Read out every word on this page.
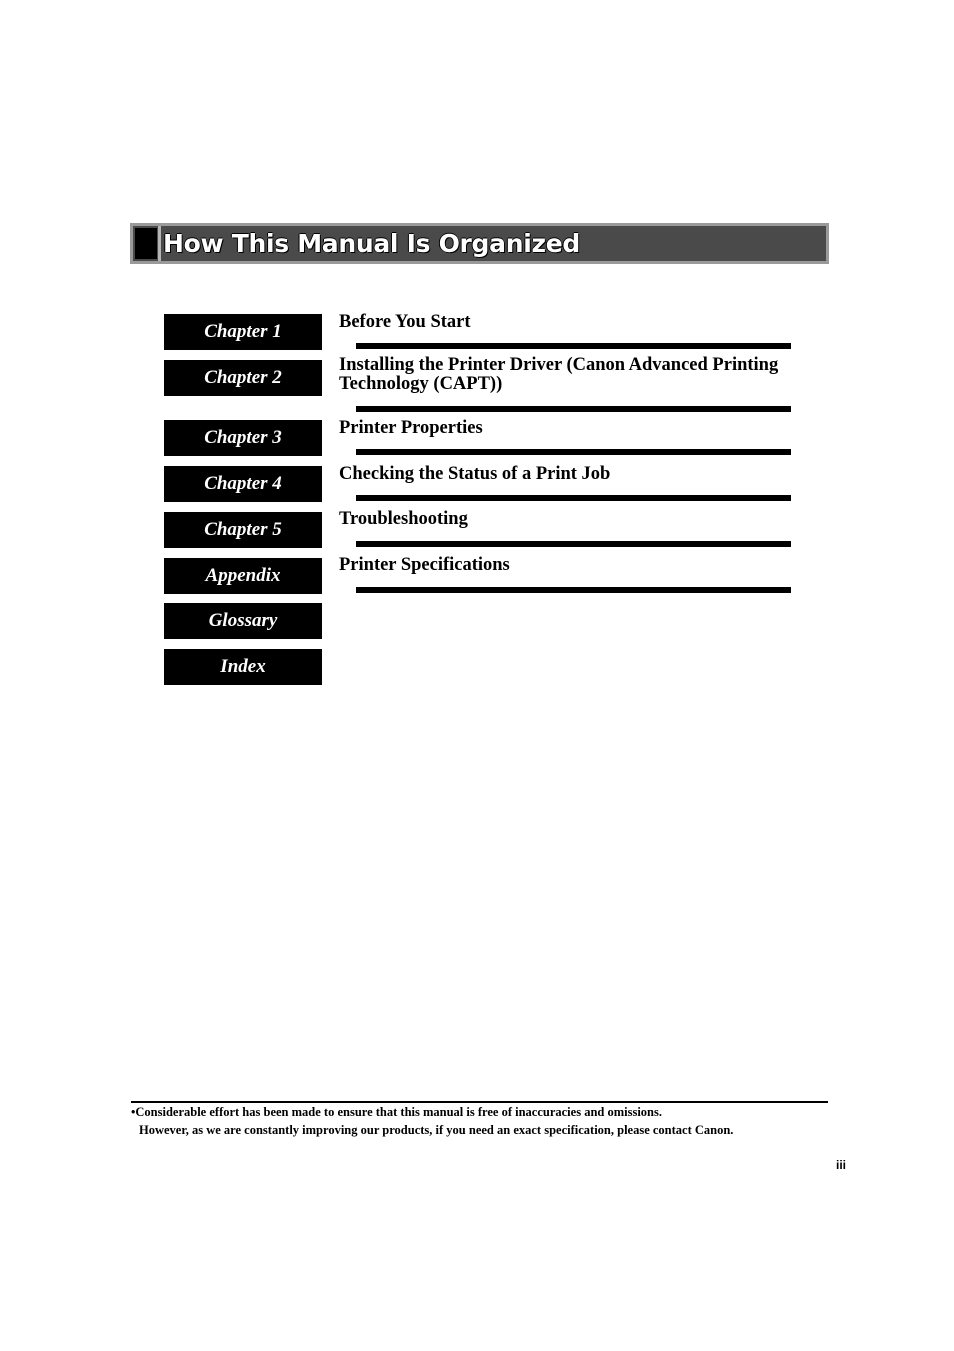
How This Manual Is Organized
Chapter 1
Chapter 2
Chapter 3
Chapter 4
Chapter 5
Appendix
Glossary
Index
Before You Start
Installing the Printer Driver (Canon Advanced Printing Technology (CAPT))
Printer Properties
Checking the Status of a Print Job
Troubleshooting
Printer Specifications
•Considerable effort has been made to ensure that this manual is free of inaccuracies and omissions.
However, as we are constantly improving our products, if you need an exact specification, please contact Canon.
iii
